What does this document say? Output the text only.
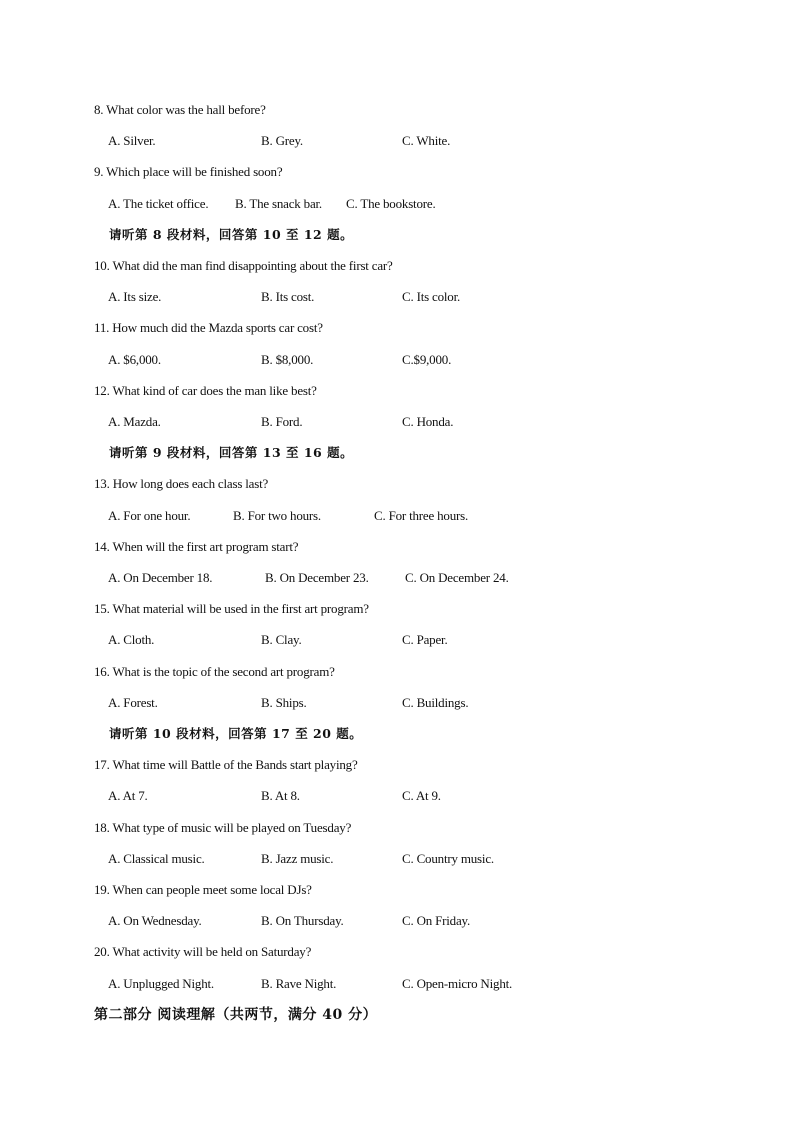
8. What color was the hall before?
A. Silver.	B. Grey.	C. White.
9. Which place will be finished soon?
A. The ticket office. B. The snack bar. C. The bookstore.
请听第 8 段材料，回答第 10 至 12 题。
10. What did the man find disappointing about the first car?
A. Its size.	B. Its cost.	C. Its color.
11. How much did the Mazda sports car cost?
A. $6,000.	B. $8,000.	C.$9,000.
12. What kind of car does the man like best?
A. Mazda.	B. Ford.	C. Honda.
请听第 9 段材料，回答第 13 至 16 题。
13. How long does each class last?
A. For one hour.	B. For two hours.	C. For three hours.
14. When will the first art program start?
A. On December 18.	B. On December 23.	C. On December 24.
15. What material will be used in the first art program?
A. Cloth.	B. Clay.	C. Paper.
16. What is the topic of the second art program?
A. Forest.	B. Ships.	C. Buildings.
请听第 10 段材料，回答第 17 至 20 题。
17. What time will Battle of the Bands start playing?
A. At 7.	B. At 8.	C. At 9.
18. What type of music will be played on Tuesday?
A. Classical music.	B. Jazz music.	C. Country music.
19. When can people meet some local DJs?
A. On Wednesday.	B. On Thursday.	C. On Friday.
20. What activity will be held on Saturday?
A. Unplugged Night.	B. Rave Night.	C. Open-micro Night.
第二部分 阅读理解（共两节，满分 40 分）
